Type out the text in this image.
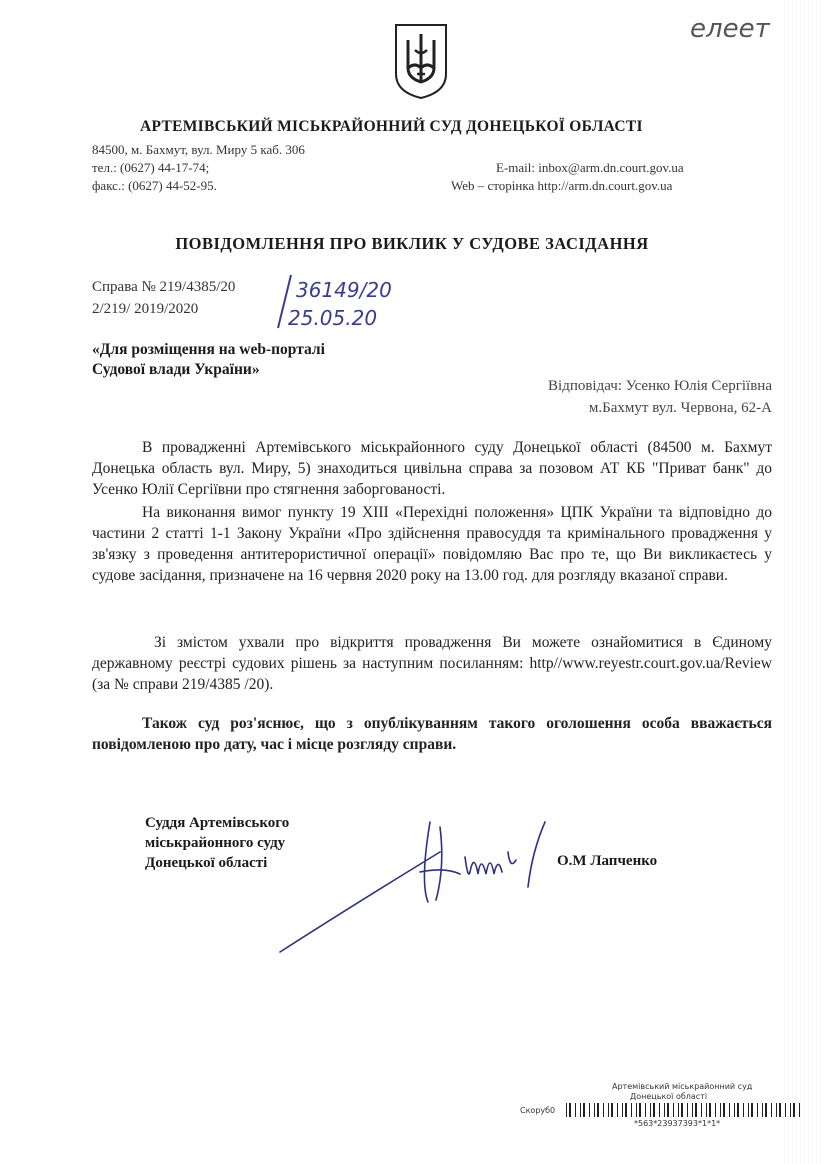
елеет
АРТЕМІВСЬКИЙ МІСЬКРАЙОННИЙ СУД ДОНЕЦЬКОЇ ОБЛАСТІ
84500, м. Бахмут, вул. Миру 5 каб. 306
тел.: (0627) 44-17-74;
факс.: (0627) 44-52-95.
E-mail: inbox@arm.dn.court.gov.ua
Web – сторінка http://arm.dn.court.gov.ua
ПОВІДОМЛЕННЯ ПРО ВИКЛИК У СУДОВЕ ЗАСІДАННЯ
Справа № 219/4385/20
2/219/ 2019/2020
36149/20
25.05.20
«Для розміщення на web-порталі
Судової влади України»
Відповідач: Усенко Юлія Сергіївна
м.Бахмут вул. Червона, 62-А
В провадженні Артемівського міськрайонного суду Донецької області (84500 м. Бахмут Донецька область вул. Миру, 5) знаходиться цивільна справа за позовом АТ КБ "Приват банк" до Усенко Юлії Сергіївни про стягнення заборгованості.
На виконання вимог пункту 19 ХІІІ «Перехідні положення» ЦПК України та відповідно до частини 2 статті 1-1 Закону України «Про здійснення правосуддя та кримінального провадження у зв'язку з проведення антитерористичної операції» повідомляю Вас про те, що Ви викликаєтесь у судове засідання, призначене на 16 червня 2020 року на 13.00 год. для розгляду вказаної справи.
Зі змістом ухвали про відкриття провадження Ви можете ознайомитися в Єдиному державному реєстрі судових рішень за наступним посиланням: http//www.reyestr.court.gov.ua/Review (за № справи 219/4385 /20).
Також суд роз'яснює, що з опублікуванням такого оголошення особа вважається повідомленою про дату, час і місце розгляду справи.
Суддя Артемівського
міськрайонного суду
Донецької області	О.М Лапченко
Артемівський міськрайонний суд
Донецької області
Скоруб0
*563*23937393*1*1*
